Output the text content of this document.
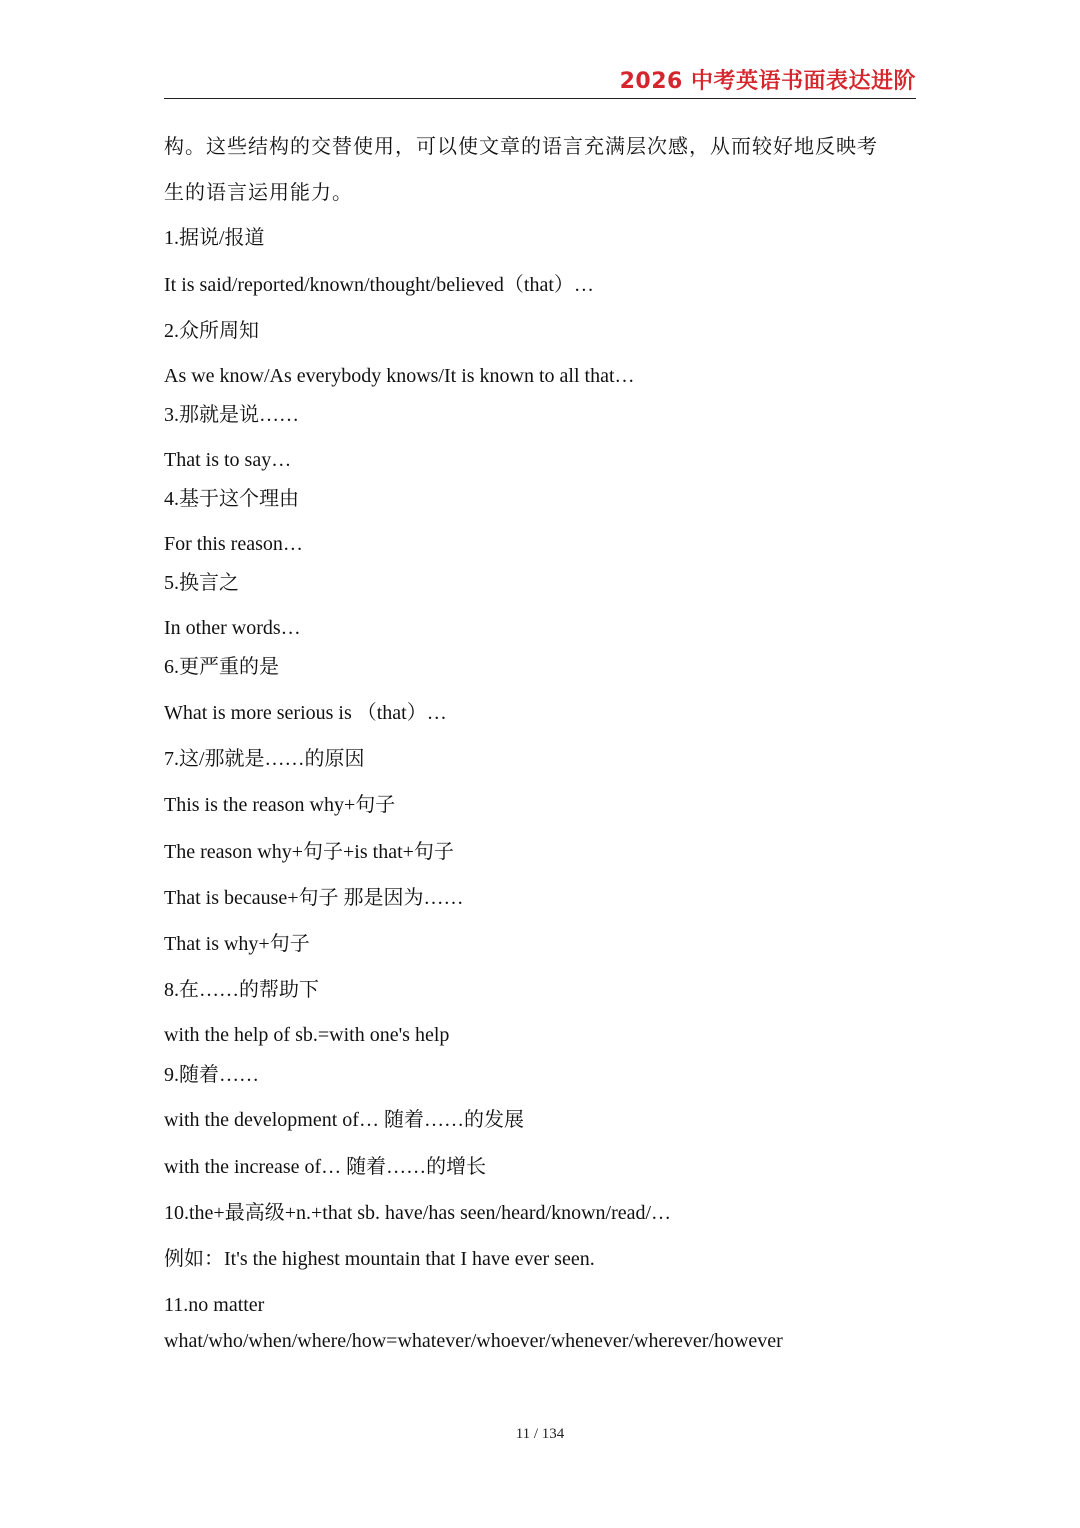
2026 中考英语书面表达进阶
构。这些结构的交替使用，可以使文章的语言充满层次感，从而较好地反映考
生的语言运用能力。
1.据说/报道
It is said/reported/known/thought/believed（that）…
2.众所周知
As we know/As everybody knows/It is known to all that…
3.那就是说……
That is to say…
4.基于这个理由
For this reason…
5.换言之
In other words…
6.更严重的是
What is more serious is （that）…
7.这/那就是……的原因
This is the reason why+句子
The reason why+句子+is that+句子
That is because+句子 那是因为……
That is why+句子
8.在……的帮助下
with the help of sb.=with one's help
9.随着……
with the development of… 随着……的发展
with the increase of… 随着……的增长
10.the+最高级+n.+that sb. have/has seen/heard/known/read/…
例如：It's the highest mountain that I have ever seen.
11.no matter
what/who/when/where/how=whatever/whoever/whenever/wherever/however
11 / 134
